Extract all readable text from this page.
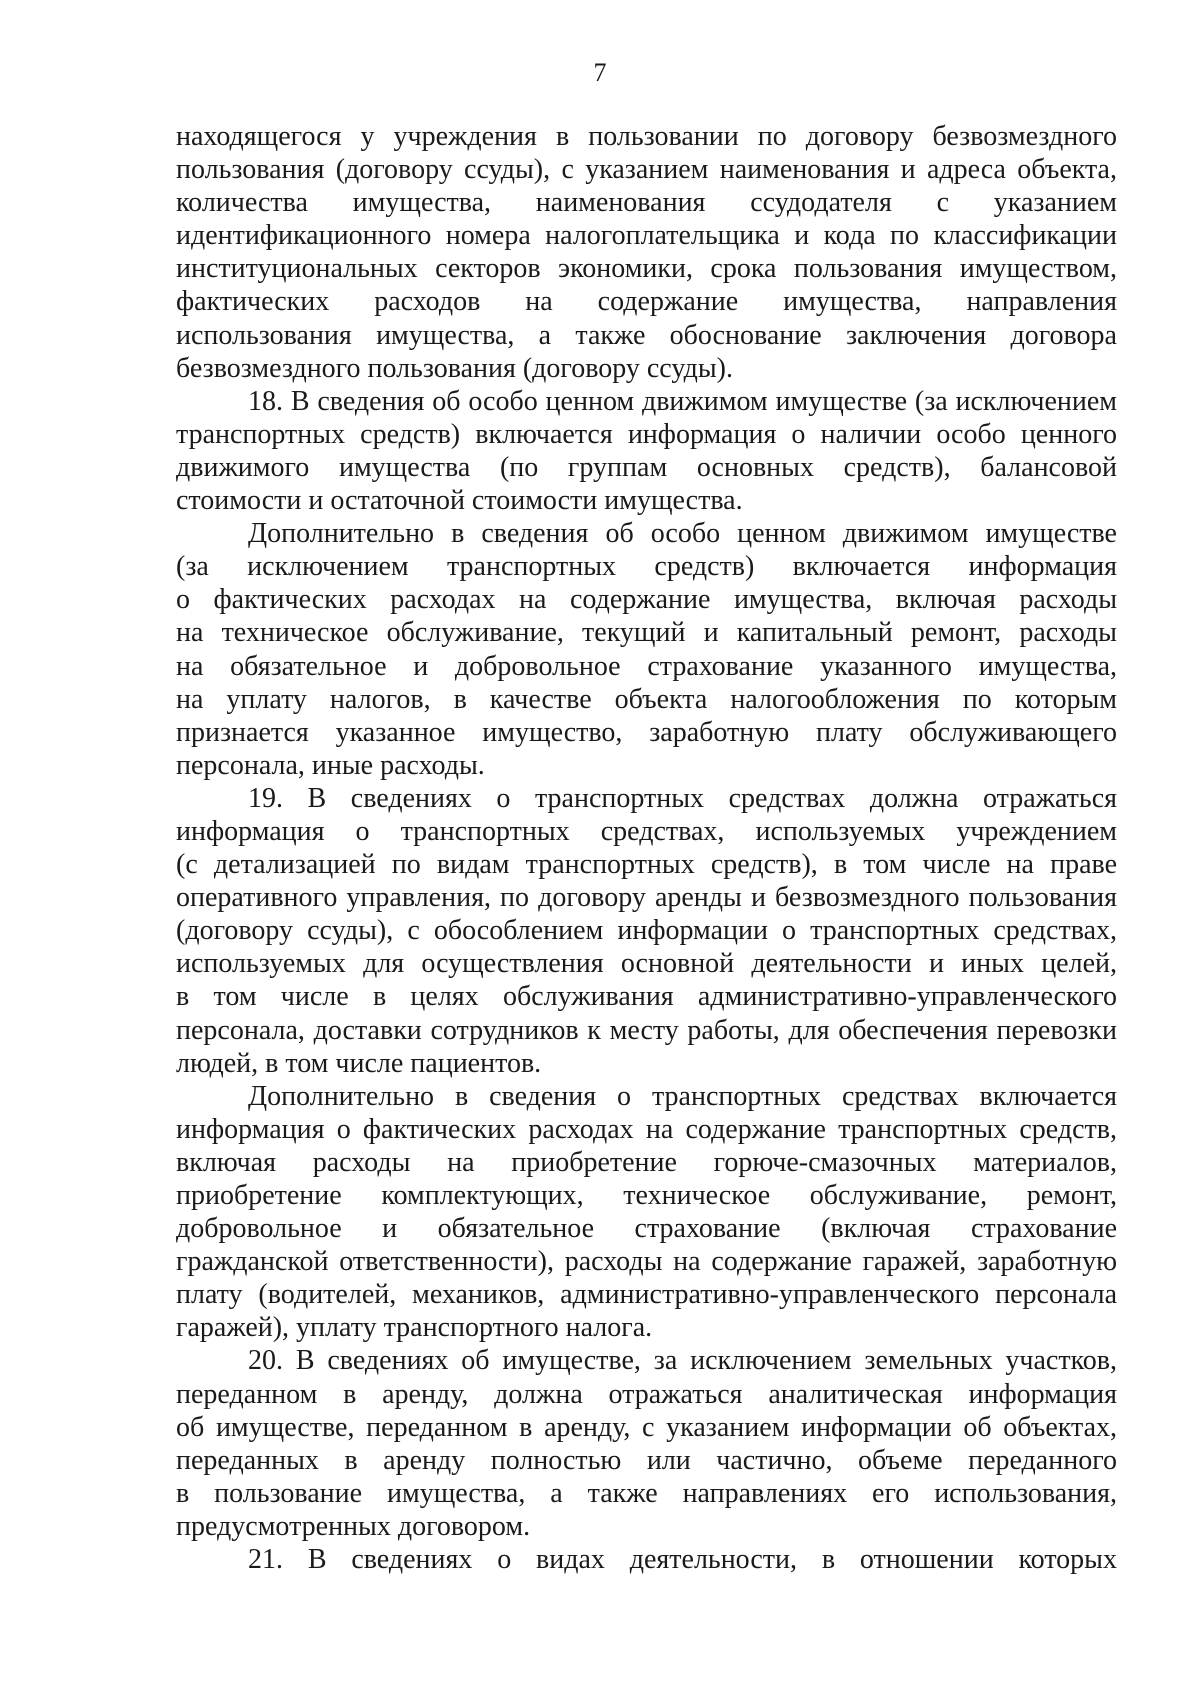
7
находящегося у учреждения в пользовании по договору безвозмездного
пользования (договору ссуды), с указанием наименования и адреса объекта,
количества имущества, наименования ссудодателя с указанием
идентификационного номера налогоплательщика и кода по классификации
институциональных секторов экономики, срока пользования имуществом,
фактических расходов на содержание имущества, направления
использования имущества, а также обоснование заключения договора
безвозмездного пользования (договору ссуды).
18. В сведения об особо ценном движимом имуществе (за исключением
транспортных средств) включается информация о наличии особо ценного
движимого имущества (по группам основных средств), балансовой
стоимости и остаточной стоимости имущества.
Дополнительно в сведения об особо ценном движимом имуществе
(за исключением транспортных средств) включается информация
о фактических расходах на содержание имущества, включая расходы
на техническое обслуживание, текущий и капитальный ремонт, расходы
на обязательное и добровольное страхование указанного имущества,
на уплату налогов, в качестве объекта налогообложения по которым
признается указанное имущество, заработную плату обслуживающего
персонала, иные расходы.
19. В сведениях о транспортных средствах должна отражаться
информация о транспортных средствах, используемых учреждением
(с детализацией по видам транспортных средств), в том числе на праве
оперативного управления, по договору аренды и безвозмездного пользования
(договору ссуды), с обособлением информации о транспортных средствах,
используемых для осуществления основной деятельности и иных целей,
в том числе в целях обслуживания административно-управленческого
персонала, доставки сотрудников к месту работы, для обеспечения перевозки
людей, в том числе пациентов.
Дополнительно в сведения о транспортных средствах включается
информация о фактических расходах на содержание транспортных средств,
включая расходы на приобретение горюче-смазочных материалов,
приобретение комплектующих, техническое обслуживание, ремонт,
добровольное и обязательное страхование (включая страхование
гражданской ответственности), расходы на содержание гаражей, заработную
плату (водителей, механиков, административно-управленческого персонала
гаражей), уплату транспортного налога.
20. В сведениях об имуществе, за исключением земельных участков,
переданном в аренду, должна отражаться аналитическая информация
об имуществе, переданном в аренду, с указанием информации об объектах,
переданных в аренду полностью или частично, объеме переданного
в пользование имущества, а также направлениях его использования,
предусмотренных договором.
21. В сведениях о видах деятельности, в отношении которых
